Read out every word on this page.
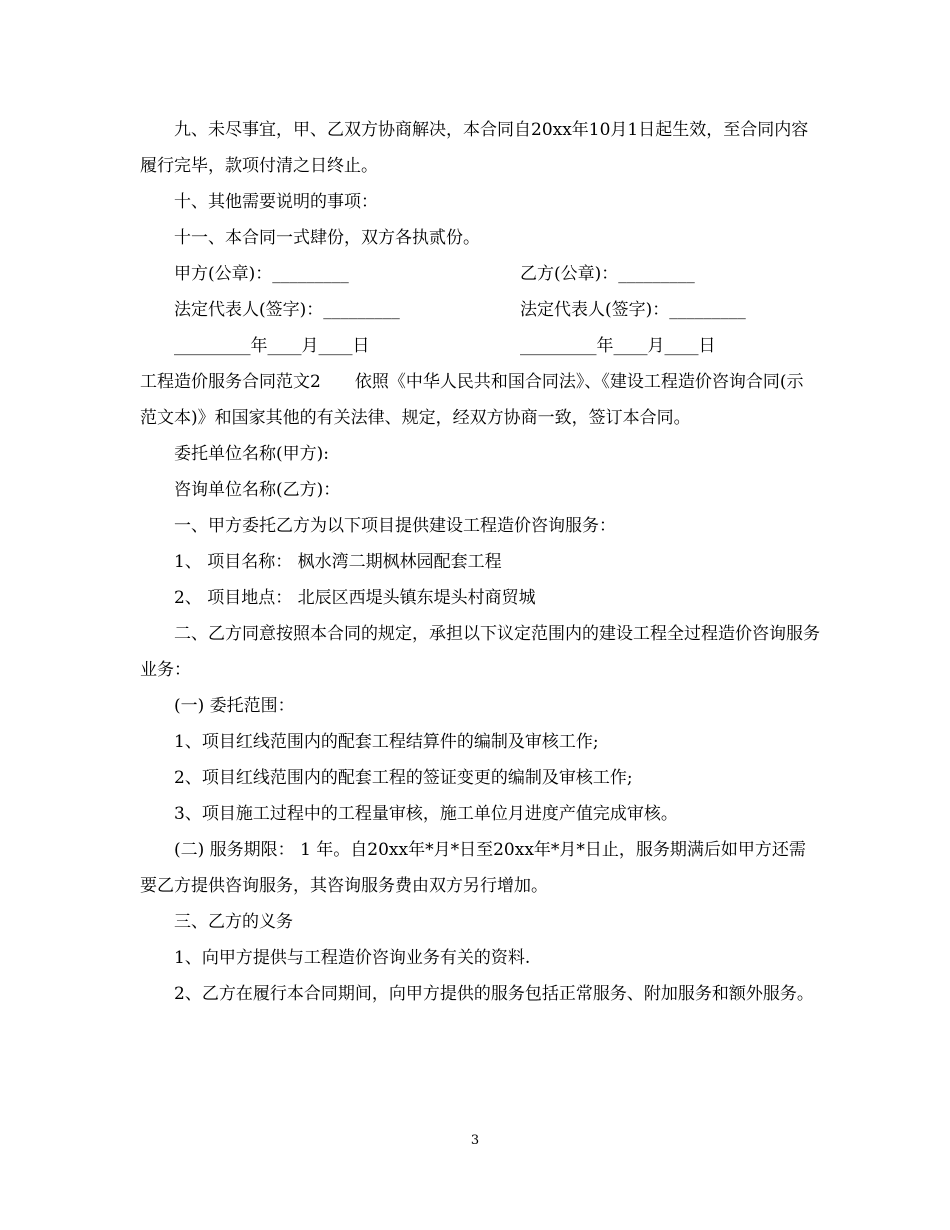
九、未尽事宜，甲、乙双方协商解决，本合同自20xx年10月1日起生效，至合同内容履行完毕，款项付清之日终止。

十、其他需要说明的事项：

十一、本合同一式肆份，双方各执贰份。

甲方(公章)：_________	乙方(公章)：_________
法定代表人(签字)：_________	法定代表人(签字)：_________
_________年____月____日	_________年____月____日

工程造价服务合同范文2　　依照《中华人民共和国合同法》、《建设工程造价咨询合同(示范文本)》和国家其他的有关法律、规定，经双方协商一致，签订本合同。

委托单位名称(甲方):

咨询单位名称(乙方)：

一、甲方委托乙方为以下项目提供建设工程造价咨询服务：

1、 项目名称： 枫水湾二期枫林园配套工程

2、 项目地点： 北辰区西堤头镇东堤头村商贸城

二、乙方同意按照本合同的规定，承担以下议定范围内的建设工程全过程造价咨询服务业务：

(一) 委托范围：

1、项目红线范围内的配套工程结算件的编制及审核工作;

2、项目红线范围内的配套工程的签证变更的编制及审核工作;

3、项目施工过程中的工程量审核，施工单位月进度产值完成审核。

(二) 服务期限： 1 年。自20xx年*月*日至20xx年*月*日止，服务期满后如甲方还需要乙方提供咨询服务，其咨询服务费由双方另行增加。

三、乙方的义务

1、向甲方提供与工程造价咨询业务有关的资料.

2、乙方在履行本合同期间，向甲方提供的服务包括正常服务、附加服务和额外服务。

3
